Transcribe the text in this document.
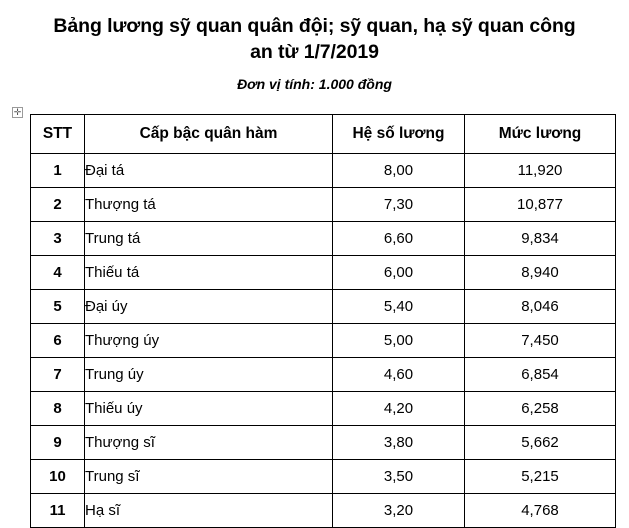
Bảng lương sỹ quan quân đội; sỹ quan, hạ sỹ quan công an từ 1/7/2019
Đơn vị tính: 1.000 đồng
✛
STT	Cấp bậc quân hàm	Hệ số lương	Mức lương

1	Đại tá	8,00	11,920
2	Thượng tá	7,30	10,877
3	Trung tá	6,60	9,834
4	Thiếu tá	6,00	8,940
5	Đại úy	5,40	8,046
6	Thượng úy	5,00	7,450
7	Trung úy	4,60	6,854
8	Thiếu úy	4,20	6,258
9	Thượng sĩ	3,80	5,662
10	Trung sĩ	3,50	5,215
11	Hạ sĩ	3,20	4,768
